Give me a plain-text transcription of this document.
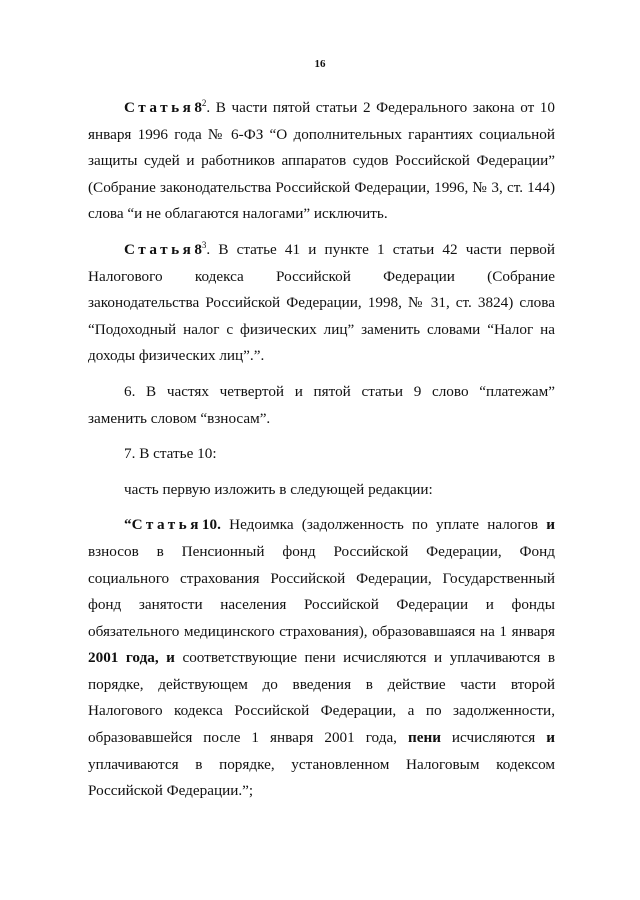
16

$Статья8^2$. В части пятой статьи 2 Федерального закона от 10 января 1996 года № 6-ФЗ “О дополнительных гарантиях социальной защиты судей и работников аппаратов судов Российской Федерации” (Собрание законодательства Российской Федерации, 1996, № 3, ст. 144) слова “и не облагаются налогами” исключить.

$Статья8^3$. В статье 41 и пункте 1 статьи 42 части первой Налогового кодекса Российской Федерации (Собрание законодательства Российской Федерации, 1998, № 31, ст. 3824) слова “Подоходный налог с физических лиц” заменить словами “Налог на доходы физических лиц”.”.

6. В частях четвертой и пятой статьи 9 слово “платежам” заменить словом “взносам”.

7. В статье 10:

часть первую изложить в следующей редакции:

“Статья10. Недоимка (задолженность по уплате налогов и взносов в Пенсионный фонд Российской Федерации, Фонд социального страхования Российской Федерации, Государственный фонд занятости населения Российской Федерации и фонды обязательного медицинского страхования), образовавшаяся на 1 января 2001 года, и соответствующие пени исчисляются и уплачиваются в порядке, действующем до введения в действие части второй Налогового кодекса Российской Федерации, а по задолженности, образовавшейся после 1 января 2001 года, пени исчисляются и уплачиваются в порядке, установленном Налоговым кодексом Российской Федерации.”;
